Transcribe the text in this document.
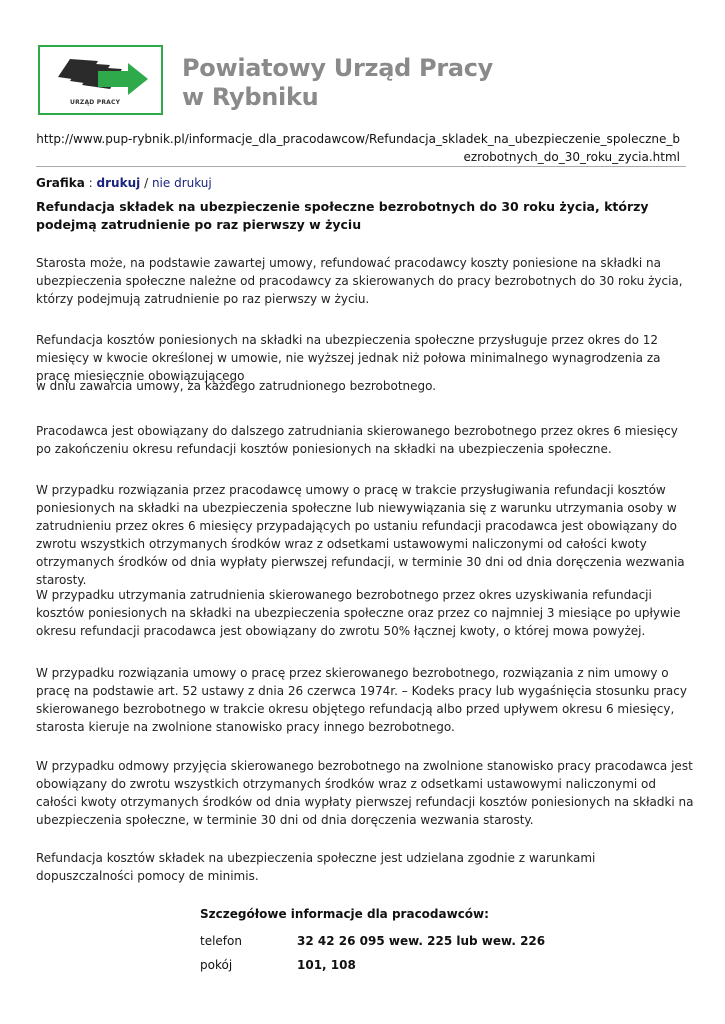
URZĄD PRACY
Powiatowy Urząd Pracy
w Rybniku
http://www.pup-rybnik.pl/informacje_dla_pracodawcow/Refundacja_skladek_na_ubezpieczenie_spoleczne_bezrobotnych_do_30_roku_zycia.html
Grafika : drukuj / nie drukuj
Refundacja składek na ubezpieczenie społeczne bezrobotnych do 30 roku życia, którzy podejmą zatrudnienie po raz pierwszy w życiu
Starosta może, na podstawie zawartej umowy, refundować pracodawcy koszty poniesione na składki na ubezpieczenia społeczne należne od pracodawcy za skierowanych do pracy bezrobotnych do 30 roku życia, którzy podejmują zatrudnienie po raz pierwszy w życiu.
Refundacja kosztów poniesionych na składki na ubezpieczenia społeczne przysługuje przez okres do 12 miesięcy w kwocie określonej w umowie, nie wyższej jednak niż połowa minimalnego wynagrodzenia za pracę miesięcznie obowiązującego
w dniu zawarcia umowy, za każdego zatrudnionego bezrobotnego.
Pracodawca jest obowiązany do dalszego zatrudniania skierowanego bezrobotnego przez okres 6 miesięcy po zakończeniu okresu refundacji kosztów poniesionych na składki na ubezpieczenia społeczne.
W przypadku rozwiązania przez pracodawcę umowy o pracę w trakcie przysługiwania refundacji kosztów poniesionych na składki na ubezpieczenia społeczne lub niewywiązania się z warunku utrzymania osoby w zatrudnieniu przez okres 6 miesięcy przypadających po ustaniu refundacji pracodawca jest obowiązany do zwrotu wszystkich otrzymanych środków wraz z odsetkami ustawowymi naliczonymi od całości kwoty otrzymanych środków od dnia wypłaty pierwszej refundacji, w terminie 30 dni od dnia doręczenia wezwania starosty.
W przypadku utrzymania zatrudnienia skierowanego bezrobotnego przez okres uzyskiwania refundacji kosztów poniesionych na składki na ubezpieczenia społeczne oraz przez co najmniej 3 miesiące po upływie okresu refundacji pracodawca jest obowiązany do zwrotu 50% łącznej kwoty, o której mowa powyżej.
W przypadku rozwiązania umowy o pracę przez skierowanego bezrobotnego, rozwiązania z nim umowy o pracę na podstawie art. 52 ustawy z dnia 26 czerwca 1974r. – Kodeks pracy lub wygaśnięcia stosunku pracy skierowanego bezrobotnego w trakcie okresu objętego refundacją albo przed upływem okresu 6 miesięcy, starosta kieruje na zwolnione stanowisko pracy innego bezrobotnego.
W przypadku odmowy przyjęcia skierowanego bezrobotnego na zwolnione stanowisko pracy pracodawca jest obowiązany do zwrotu wszystkich otrzymanych środków wraz z odsetkami ustawowymi naliczonymi od całości kwoty otrzymanych środków od dnia wypłaty pierwszej refundacji kosztów poniesionych na składki na ubezpieczenia społeczne, w terminie 30 dni od dnia doręczenia wezwania starosty.
Refundacja kosztów składek na ubezpieczenia społeczne jest udzielana zgodnie z warunkami dopuszczalności pomocy de minimis.
Szczegółowe informacje dla pracodawców:
telefon	32 42 26 095 wew. 225 lub wew. 226
pokój	101, 108
